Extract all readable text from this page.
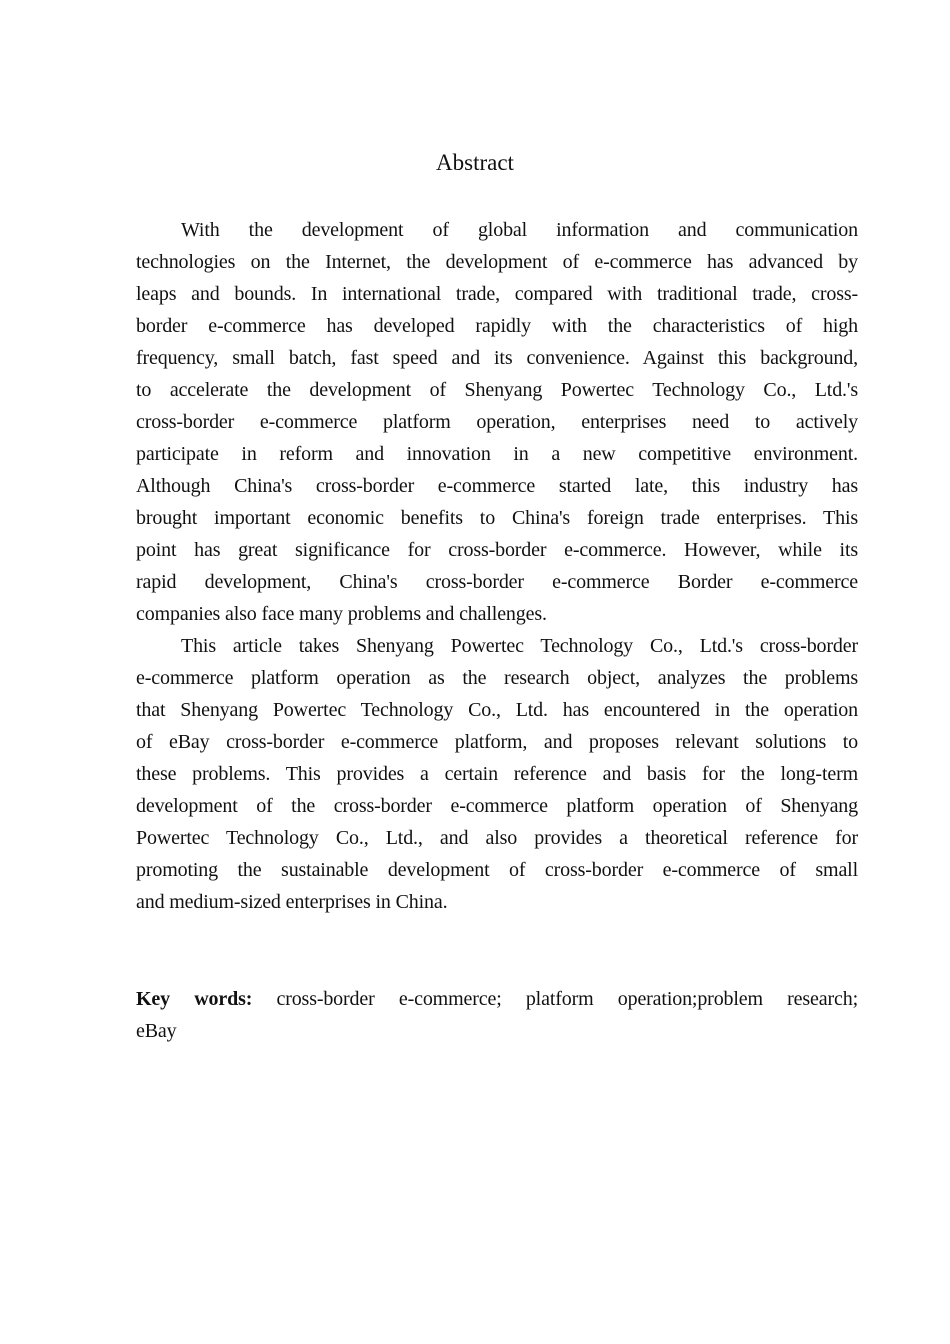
Abstract
With the development of global information and communication
technologies on the Internet, the development of e-commerce has advanced by
leaps and bounds. In international trade, compared with traditional trade, cross-
border e-commerce has developed rapidly with the characteristics of high
frequency, small batch, fast speed and its convenience. Against this background,
to accelerate the development of Shenyang Powertec Technology Co., Ltd.'s
cross-border e-commerce platform operation, enterprises need to actively
participate in reform and innovation in a new competitive environment.
Although China's cross-border e-commerce started late, this industry has
brought important economic benefits to China's foreign trade enterprises. This
point has great significance for cross-border e-commerce. However, while its
rapid development, China's cross-border e-commerce Border e-commerce
companies also face many problems and challenges.
This article takes Shenyang Powertec Technology Co., Ltd.'s cross-border
e-commerce platform operation as the research object, analyzes the problems
that Shenyang Powertec Technology Co., Ltd. has encountered in the operation
of eBay cross-border e-commerce platform, and proposes relevant solutions to
these problems. This provides a certain reference and basis for the long-term
development of the cross-border e-commerce platform operation of Shenyang
Powertec Technology Co., Ltd., and also provides a theoretical reference for
promoting the sustainable development of cross-border e-commerce of small
and medium-sized enterprises in China.
Key words: cross-border e-commerce; platform operation;problem research;
eBay
